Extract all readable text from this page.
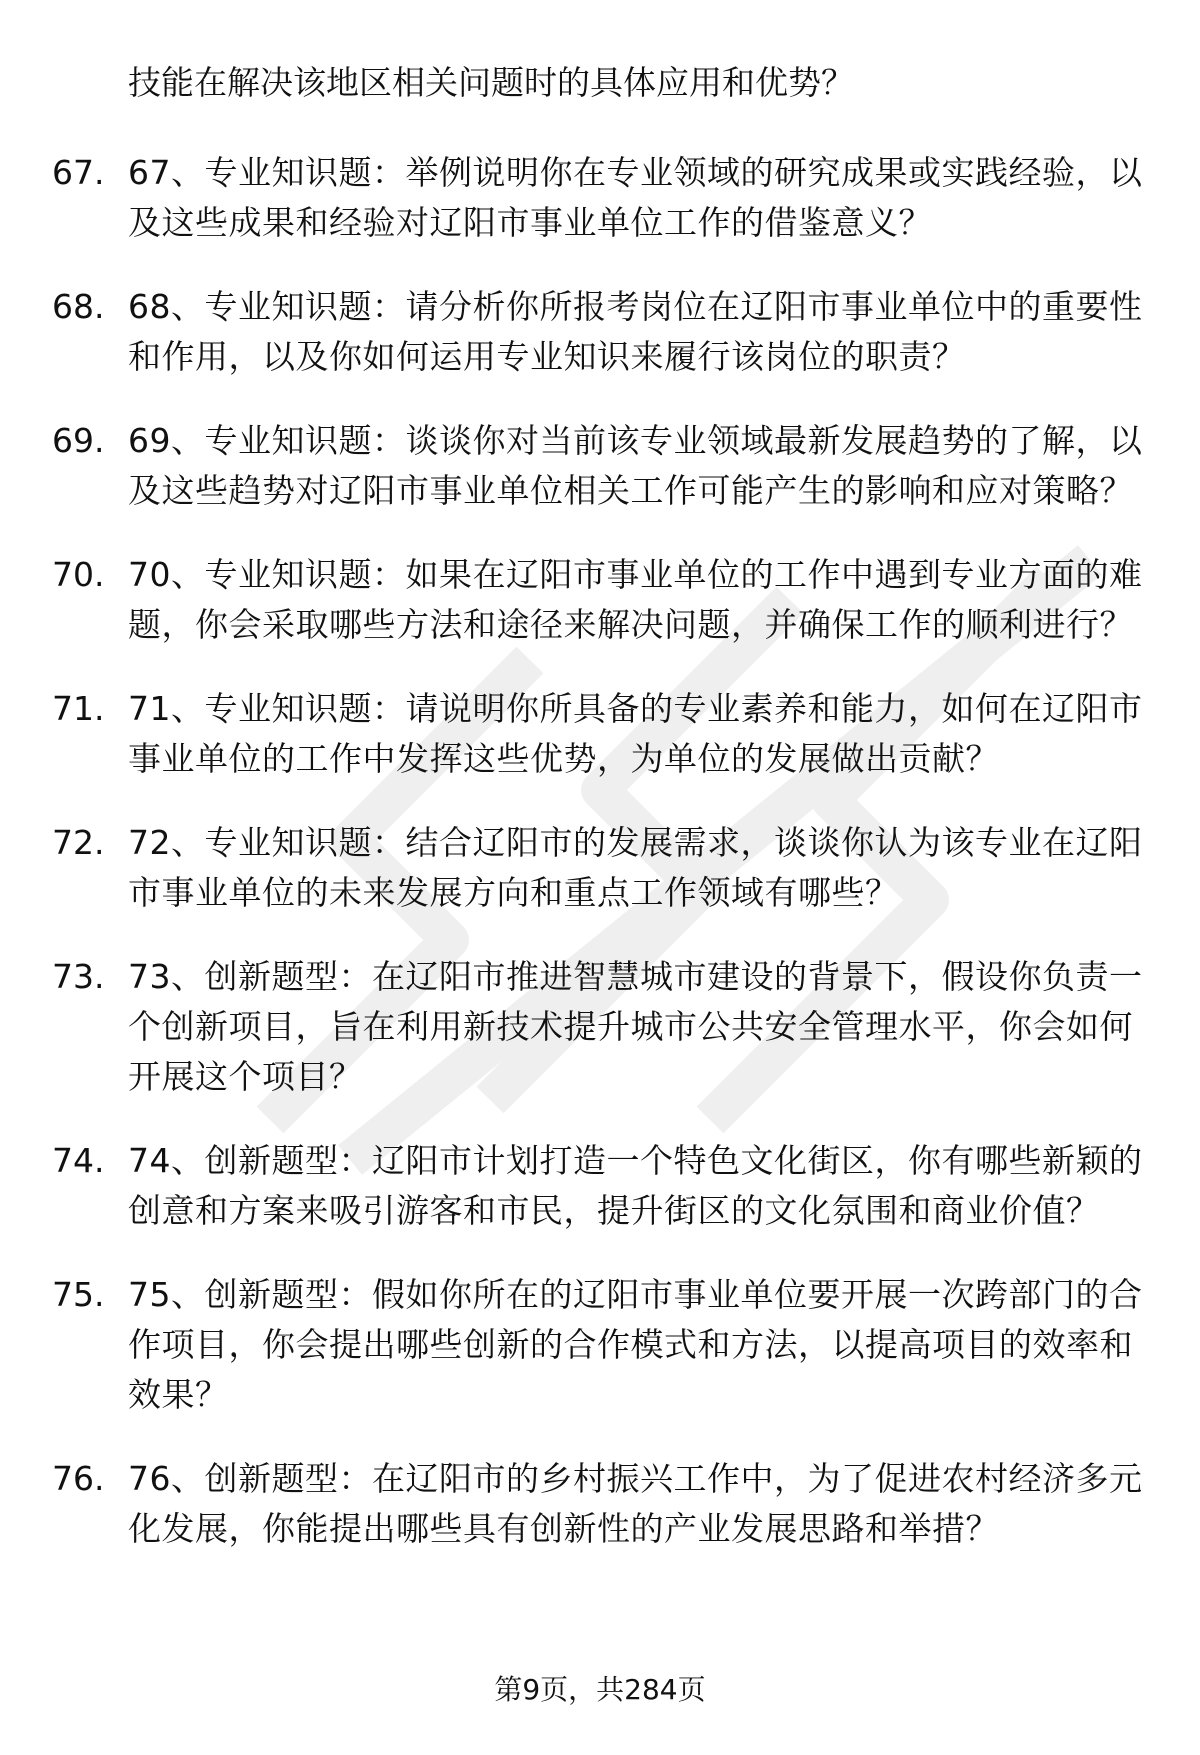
技能在解决该地区相关问题时的具体应用和优势？
67. 67、专业知识题：举例说明你在专业领域的研究成果或实践经验，以及这些成果和经验对辽阳市事业单位工作的借鉴意义？
68. 68、专业知识题：请分析你所报考岗位在辽阳市事业单位中的重要性和作用，以及你如何运用专业知识来履行该岗位的职责？
69. 69、专业知识题：谈谈你对当前该专业领域最新发展趋势的了解，以及这些趋势对辽阳市事业单位相关工作可能产生的影响和应对策略？
70. 70、专业知识题：如果在辽阳市事业单位的工作中遇到专业方面的难题，你会采取哪些方法和途径来解决问题，并确保工作的顺利进行？
71. 71、专业知识题：请说明你所具备的专业素养和能力，如何在辽阳市事业单位的工作中发挥这些优势，为单位的发展做出贡献？
72. 72、专业知识题：结合辽阳市的发展需求，谈谈你认为该专业在辽阳市事业单位的未来发展方向和重点工作领域有哪些？
73. 73、创新题型：在辽阳市推进智慧城市建设的背景下，假设你负责一个创新项目，旨在利用新技术提升城市公共安全管理水平，你会如何开展这个项目？
74. 74、创新题型：辽阳市计划打造一个特色文化街区，你有哪些新颖的创意和方案来吸引游客和市民，提升街区的文化氛围和商业价值？
75. 75、创新题型：假如你所在的辽阳市事业单位要开展一次跨部门的合作项目，你会提出哪些创新的合作模式和方法，以提高项目的效率和效果？
76. 76、创新题型：在辽阳市的乡村振兴工作中，为了促进农村经济多元化发展，你能提出哪些具有创新性的产业发展思路和举措？
第9页，共284页
